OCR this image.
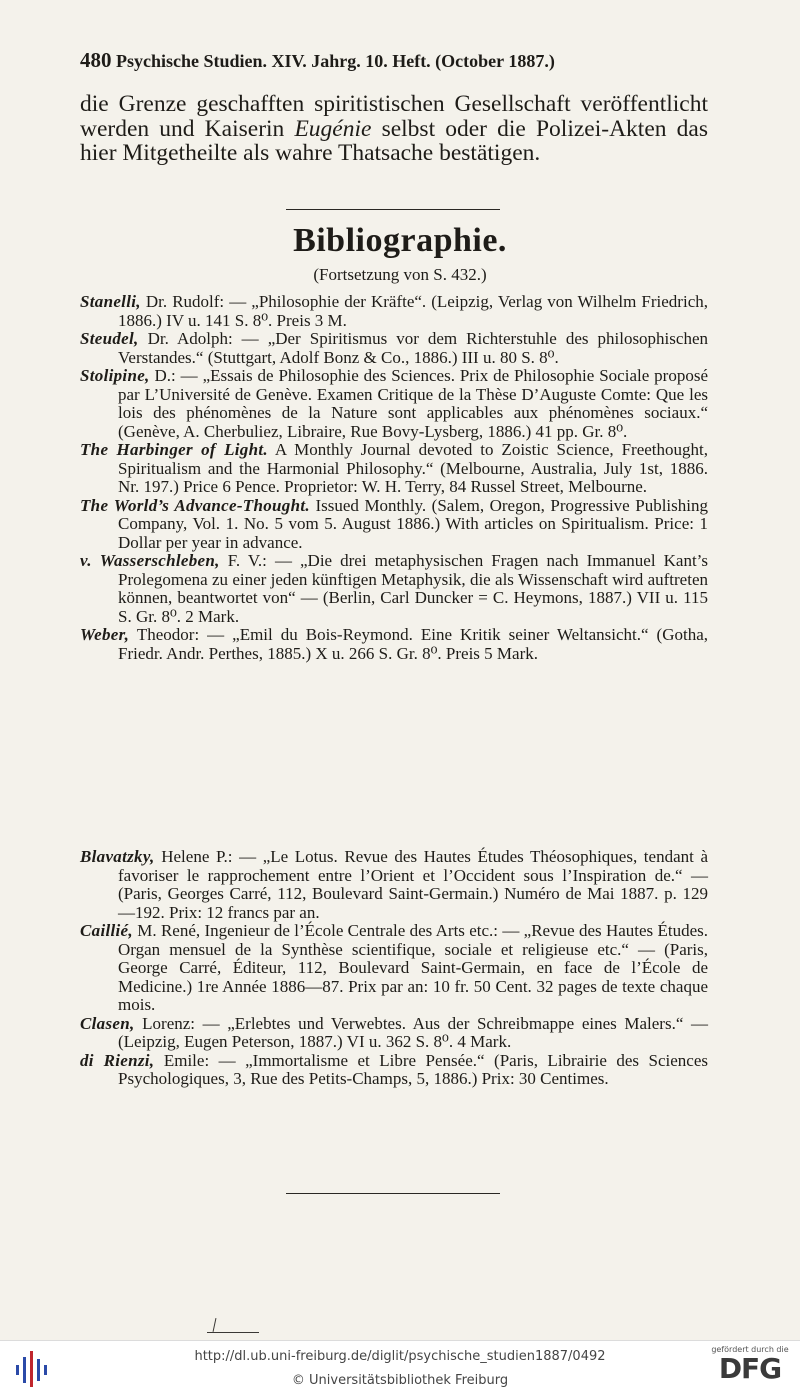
480 Psychische Studien. XIV. Jahrg. 10. Heft. (October 1887.)
die Grenze geschafften spiritistischen Gesellschaft veröffentlicht werden und Kaiserin Eugénie selbst oder die Polizei-Akten das hier Mitgetheilte als wahre Thatsache bestätigen.
Bibliographie.
(Fortsetzung von S. 432.)
Stanelli, Dr. Rudolf: — „Philosophie der Kräfte“. (Leipzig, Verlag von Wilhelm Friedrich, 1886.) IV u. 141 S. 8⁰. Preis 3 M.
Steudel, Dr. Adolph: — „Der Spiritismus vor dem Richterstuhle des philosophischen Verstandes.“ (Stuttgart, Adolf Bonz & Co., 1886.) III u. 80 S. 8⁰.
Stolipine, D.: — „Essais de Philosophie des Sciences. Prix de Philosophie Sociale proposé par L’Université de Genève. Examen Critique de la Thèse D’Auguste Comte: Que les lois des phénomènes de la Nature sont applicables aux phénomènes sociaux.“ (Genève, A. Cherbuliez, Libraire, Rue Bovy-Lysberg, 1886.) 41 pp. Gr. 8⁰.
The Harbinger of Light. A Monthly Journal devoted to Zoistic Science, Freethought, Spiritualism and the Harmonial Philosophy.“ (Melbourne, Australia, July 1st, 1886. Nr. 197.) Price 6 Pence. Proprietor: W. H. Terry, 84 Russel Street, Melbourne.
The World’s Advance-Thought. Issued Monthly. (Salem, Oregon, Progressive Publishing Company, Vol. 1. No. 5 vom 5. August 1886.) With articles on Spiritualism. Price: 1 Dollar per year in advance.
v. Wasserschleben, F. V.: — „Die drei metaphysischen Fragen nach Immanuel Kant’s Prolegomena zu einer jeden künftigen Metaphysik, die als Wissenschaft wird auftreten können, beantwortet von“ — (Berlin, Carl Duncker = C. Heymons, 1887.) VII u. 115 S. Gr. 8⁰. 2 Mark.
Weber, Theodor: — „Emil du Bois-Reymond. Eine Kritik seiner Weltansicht.“ (Gotha, Friedr. Andr. Perthes, 1885.) X u. 266 S. Gr. 8⁰. Preis 5 Mark.
Blavatzky, Helene P.: — „Le Lotus. Revue des Hautes Études Théosophiques, tendant à favoriser le rapprochement entre l’Orient et l’Occident sous l’Inspiration de.“ — (Paris, Georges Carré, 112, Boulevard Saint-Germain.) Numéro de Mai 1887. p. 129—192. Prix: 12 francs par an.
Caillié, M. René, Ingenieur de l’École Centrale des Arts etc.: — „Revue des Hautes Études. Organ mensuel de la Synthèse scientifique, sociale et religieuse etc.“ — (Paris, George Carré, Éditeur, 112, Boulevard Saint-Germain, en face de l’École de Medicine.) 1re Année 1886—87. Prix par an: 10 fr. 50 Cent. 32 pages de texte chaque mois.
Clasen, Lorenz: — „Erlebtes und Verwebtes. Aus der Schreibmappe eines Malers.“ — (Leipzig, Eugen Peterson, 1887.) VI u. 362 S. 8⁰. 4 Mark.
di Rienzi, Emile: — „Immortalisme et Libre Pensée.“ (Paris, Librairie des Sciences Psychologiques, 3, Rue des Petits-Champs, 5, 1886.) Prix: 30 Centimes.
http://dl.ub.uni-freiburg.de/diglit/psychische_studien1887/0492
© Universitätsbibliothek Freiburg
gefördert durch die
DFG
